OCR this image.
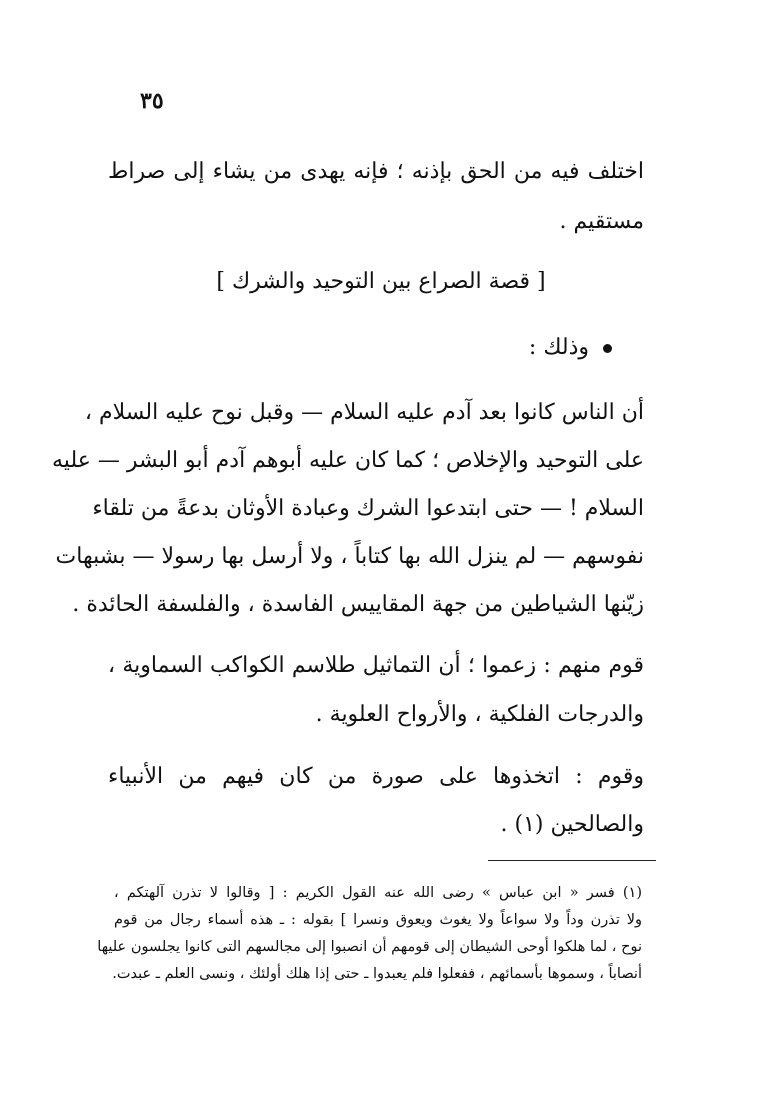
٣٥
اختلف فيه من الحق بإذنه ؛ فإنه يهدى من يشاء إلى صراط
مستقيم .
[ قصة الصراع بين التوحيد والشرك ]
وذلك :
أن الناس كانوا بعد آدم عليه السلام — وقبل نوح عليه السلام ،
على التوحيد والإخلاص ؛ كما كان عليه أبوهم آدم أبو البشر — عليه
السلام ! — حتى ابتدعوا الشرك وعبادة الأوثان بدعةً من تلقاء
نفوسهم — لم ينزل الله بها كتاباً ، ولا أرسل بها رسولا — بشبهات
زيّنها الشياطين من جهة المقاييس الفاسدة ، والفلسفة الحائدة .
قوم منهم : زعموا ؛ أن التماثيل طلاسم الكواكب السماوية ،
والدرجات الفلكية ، والأرواح العلوية .
وقوم : اتخذوها على صورة من كان فيهم من الأنبياء
والصالحين (١) .
(١) فسر « ابن عباس » رضى الله عنه القول الكريم : [ وقالوا لا تذرن آلهتكم ،
ولا تذرن وداً ولا سواعاً ولا يغوث ويعوق ونسرا ] بقوله : ـ هذه أسماء رجال من قوم
نوح ، لما هلكوا أوحى الشيطان إلى قومهم أن انصبوا إلى مجالسهم التى كانوا يجلسون عليها
أنصاباً ، وسموها بأسمائهم ، ففعلوا فلم يعبدوا ـ حتى إذا هلك أولئك ، ونسى العلم ـ عبدت.
